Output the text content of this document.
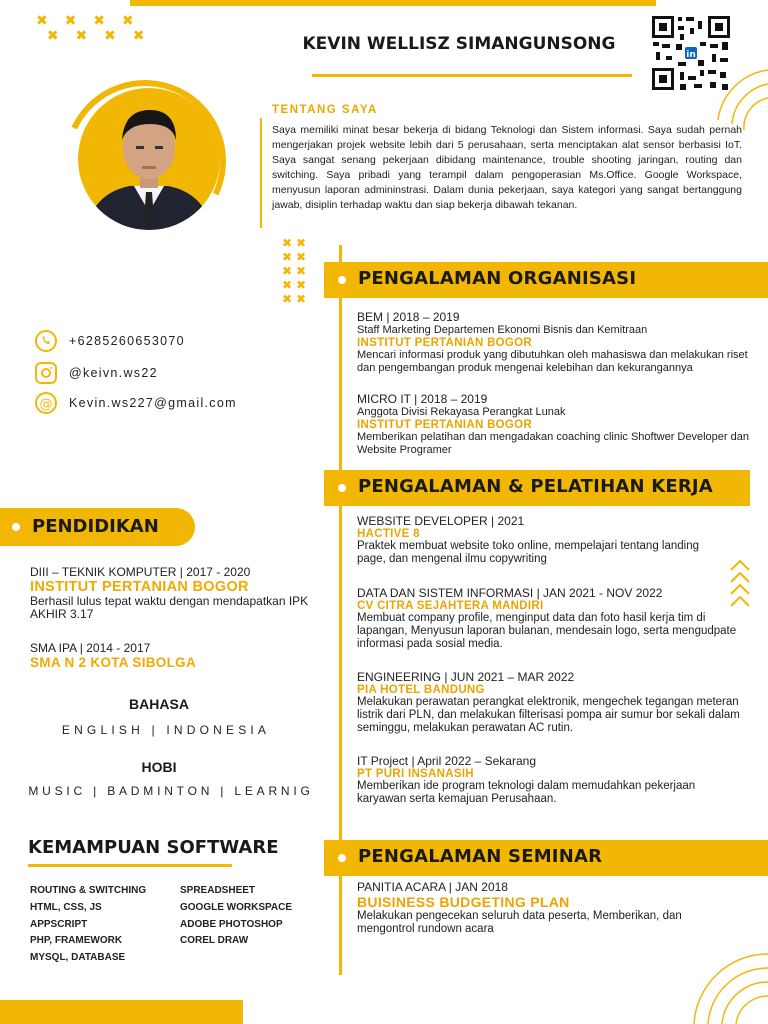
✖ ✖ ✖ ✖
✖ ✖ ✖ ✖	KEVIN WELLISZ SIMANGUNSONG
in
TENTANG SAYA
Saya memiliki minat besar bekerja di bidang Teknologi dan Sistem informasi. Saya sudah pernah mengerjakan projek website lebih dari 5 perusahaan, serta menciptakan alat sensor berbasisi IoT. Saya sangat senang pekerjaan dibidang maintenance, trouble shooting jaringan, routing dan switching. Saya pribadi yang terampil dalam pengoperasian Ms.Office. Google Workspace, menyusun laporan admininstrasi. Dalam dunia pekerjaan, saya kategori yang sangat bertanggung jawab, disiplin terhadap waktu dan siap bekerja dibawah tekanan.
✖✖
✖✖
✖✖
✖✖
✖✖
+6285260653070
@keivn.ws22
@ Kevin.ws227@gmail.com
PENGALAMAN ORGANISASI
BEM | 2018 – 2019
Staff Marketing Departemen Ekonomi Bisnis dan Kemitraan
INSTITUT PERTANIAN BOGOR
Mencari informasi produk yang dibutuhkan oleh mahasiswa dan melakukan riset dan pengembangan produk mengenai kelebihan dan kekurangannya
MICRO IT | 2018 – 2019
Anggota Divisi Rekayasa Perangkat Lunak
INSTITUT PERTANIAN BOGOR
Memberikan pelatihan dan mengadakan coaching clinic Shoftwer Developer dan Website Programer
PENGALAMAN & PELATIHAN KERJA
WEBSITE DEVELOPER | 2021
HACTIVE 8
Praktek membuat website toko online, mempelajari tentang landing page, dan mengenal ilmu copywriting
DATA DAN SISTEM INFORMASI | JAN 2021 - NOV 2022
CV CITRA SEJAHTERA MANDIRI
Membuat company profile, menginput data dan foto hasil kerja tim di lapangan, Menyusun laporan bulanan, mendesain logo, serta mengudpate informasi pada sosial media.
ENGINEERING | JUN 2021 – MAR 2022
PIA HOTEL BANDUNG
Melakukan perawatan perangkat elektronik, mengechek tegangan meteran listrik dari PLN, dan melakukan filterisasi pompa air sumur bor sekali dalam seminggu, melakukan perawatan AC rutin.
IT Project | April 2022 – Sekarang
PT PURI INSANASIH
Memberikan ide program teknologi dalam memudahkan pekerjaan karyawan serta kemajuan Perusahaan.
PENGALAMAN SEMINAR
PANITIA ACARA | JAN 2018
BUISINESS BUDGETING PLAN
Melakukan pengecekan seluruh data peserta, Memberikan, dan mengontrol rundown acara
PENDIDIKAN
DIII – TEKNIK KOMPUTER | 2017 - 2020
INSTITUT PERTANIAN BOGOR
Berhasil lulus tepat waktu dengan mendapatkan IPK AKHIR 3.17
SMA IPA | 2014 - 2017
SMA N 2 KOTA SIBOLGA
BAHASA
ENGLISH | INDONESIA
HOBI
MUSIC | BADMINTON | LEARNIG
KEMAMPUAN SOFTWARE
ROUTING & SWITCHING
HTML, CSS, JS
APPSCRIPT
PHP, FRAMEWORK
MYSQL, DATABASE
SPREADSHEET
GOOGLE WORKSPACE
ADOBE PHOTOSHOP
COREL DRAW
